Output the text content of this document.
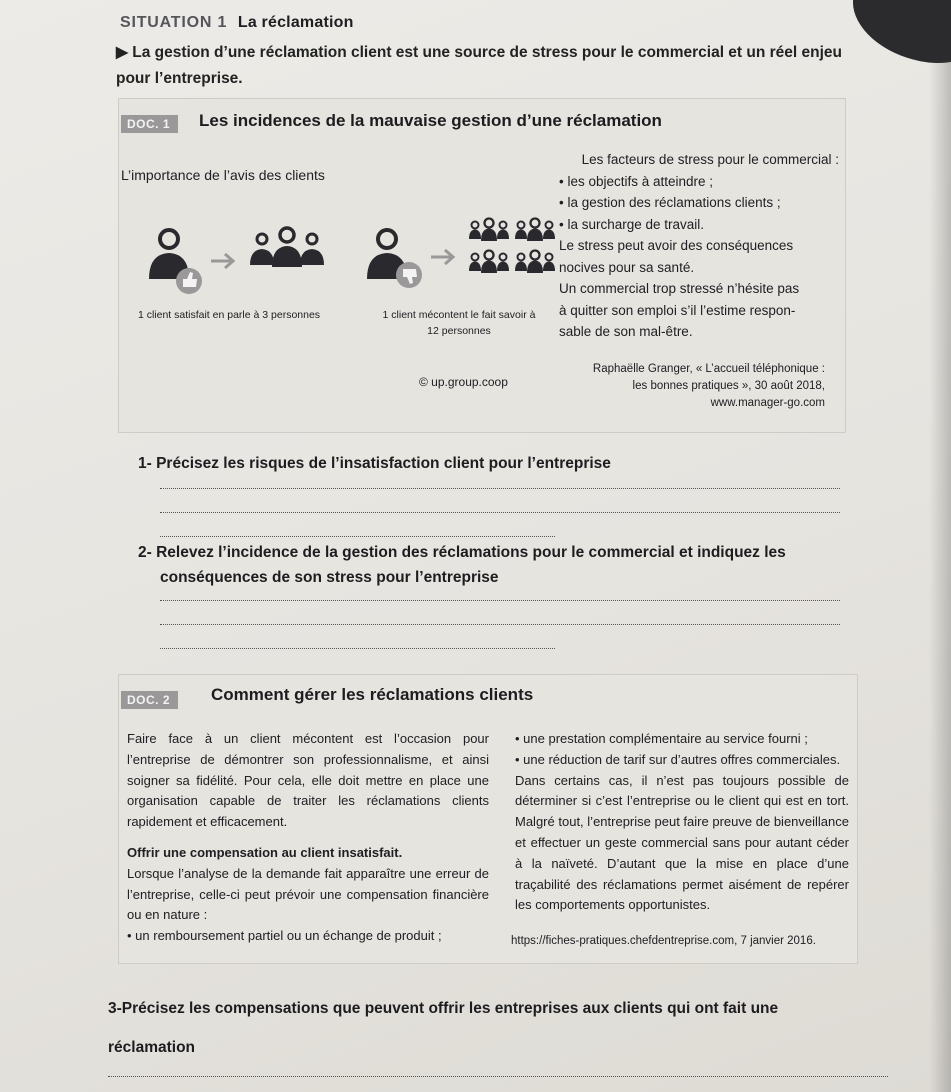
SITUATION 1 La réclamation
▶ La gestion d’une réclamation client est une source de stress pour le commercial et un réel enjeu pour l’entreprise.
DOC. 1	Les incidences de la mauvaise gestion d’une réclamation
L’importance de l’avis des clients
1 client satisfait en parle à 3 personnes	1 client mécontent le fait savoir à
12 personnes
Les facteurs de stress pour le commercial :
• les objectifs à atteindre ;
• la gestion des réclamations clients ;
• la surcharge de travail.
Le stress peut avoir des conséquences
nocives pour sa santé.
Un commercial trop stressé n’hésite pas
à quitter son emploi s’il l’estime respon-
sable de son mal-être.
© up.group.coop
Raphaëlle Granger, « L’accueil téléphonique :
les bonnes pratiques », 30 août 2018,
www.manager-go.com
1- Précisez les risques de l’insatisfaction client pour l’entreprise
2- Relevez l’incidence de la gestion des réclamations pour le commercial et indiquez les
conséquences de son stress pour l’entreprise
DOC. 2	Comment gérer les réclamations clients

Faire face à un client mécontent est l’occasion pour l’entreprise de démontrer son professionnalisme, et ainsi soigner sa fidélité. Pour cela, elle doit mettre en place une organisation capable de traiter les réclamations clients rapidement et efficacement.

Offrir une compensation au client insatisfait.

Lorsque l’analyse de la demande fait apparaître une erreur de l’entreprise, celle-ci peut prévoir une compensation financière ou en nature :

• un remboursement partiel ou un échange de produit ;

• une prestation complémentaire au service fourni ;

• une réduction de tarif sur d’autres offres commerciales.

Dans certains cas, il n’est pas toujours possible de déterminer si c’est l’entreprise ou le client qui est en tort. Malgré tout, l’entreprise peut faire preuve de bienveillance et effectuer un geste commercial sans pour autant céder à la naïveté. D’autant que la mise en place d’une traçabilité des réclamations permet aisément de repérer les comportements opportunistes.

https://fiches-pratiques.chefdentreprise.com, 7 janvier 2016.
3-Précisez les compensations que peuvent offrir les entreprises aux clients qui ont fait une
réclamation
